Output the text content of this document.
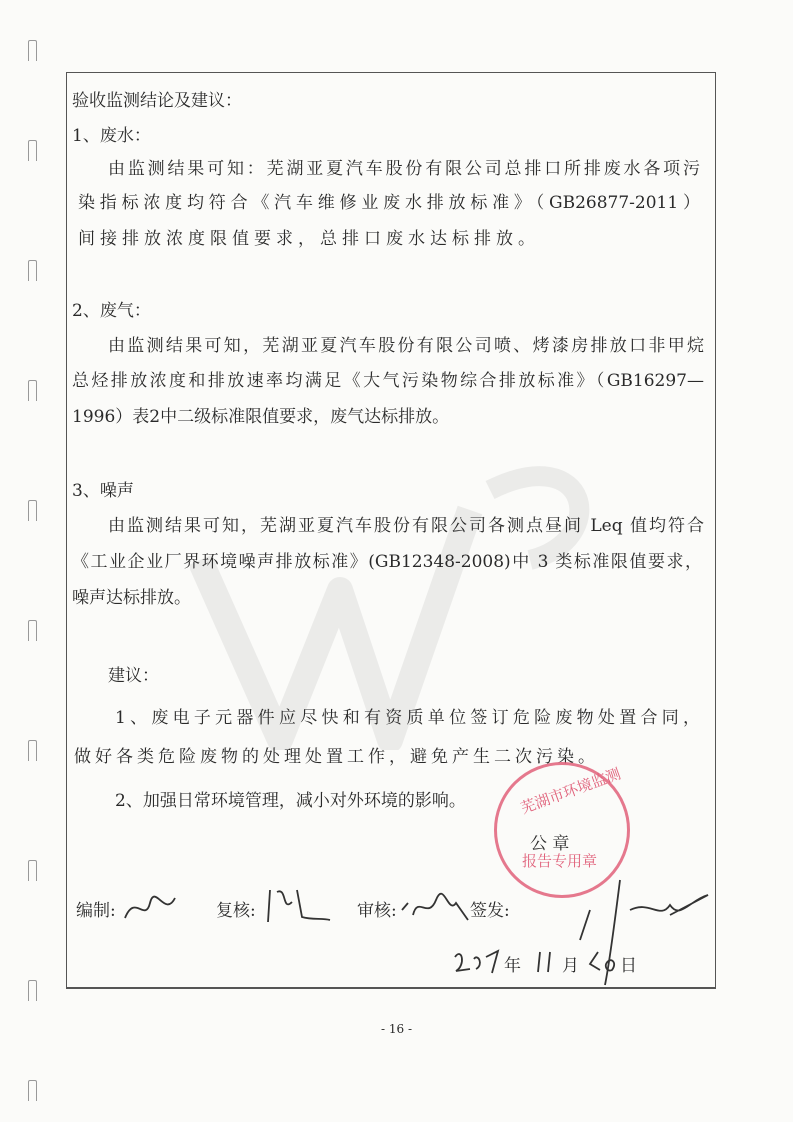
验收监测结论及建议：
1、废水：
由监测结果可知：芜湖亚夏汽车股份有限公司总排口所排废水各项污
染指标浓度均符合《汽车维修业废水排放标准》（GB26877-2011）
间接排放浓度限值要求，总排口废水达标排放。
2、废气：
由监测结果可知，芜湖亚夏汽车股份有限公司喷、烤漆房排放口非甲烷
总烃排放浓度和排放速率均满足《大气污染物综合排放标准》（GB16297—
1996）表2中二级标准限值要求，废气达标排放。
3、噪声
由监测结果可知，芜湖亚夏汽车股份有限公司各测点昼间 Leq 值均符合
《工业企业厂界环境噪声排放标准》(GB12348-2008)中 3 类标准限值要求，
噪声达标排放。
建议：
1、废电子元器件应尽快和有资质单位签订危险废物处置合同，
做好各类危险废物的处理处置工作，避免产生二次污染。
2、加强日常环境管理，减小对外环境的影响。	芜湖市环境监测
报告专用章
公 章
编制:	复核:	审核:	签发:
年 月 日
- 16 -
